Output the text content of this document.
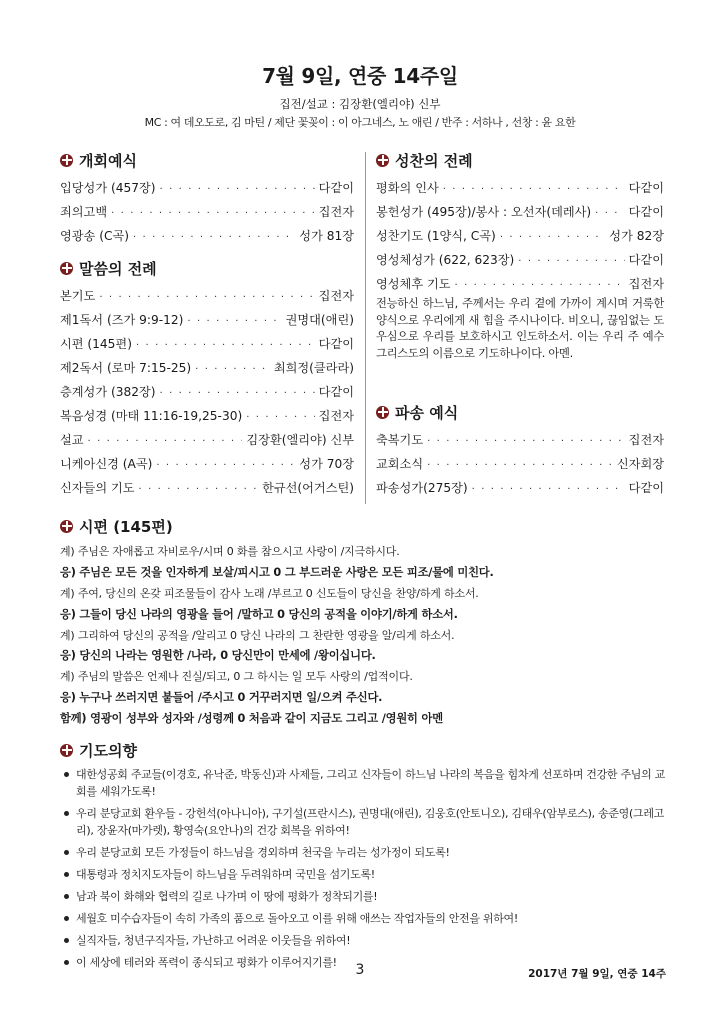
7월 9일, 연중 14주일
집전/설교 : 김장환(엘리야) 신부
MC : 여 데오도로, 김 마틴 / 제단 꽃꽂이 : 이 아그네스, 노 애린 / 반주 : 서하나 , 선창 : 윤 요한
개회예식
입당성가 (457장) · · ·	다같이
죄의고백 · · ·	집전자
영광송 (C곡) · · ·	성가 81장
말씀의 전례
본기도 · · ·	집전자
제1독서 (즈가 9:9-12) · · ·	권명대(애린)
시편 (145편) · · ·	다같이
제2독서 (로마 7:15-25) · · ·	최희정(클라라)
층계성가 (382장) · · ·	다같이
복음성경 (마태 11:16-19,25-30) · · ·	집전자
설교 · · ·	김장환(엘리야) 신부
니케아신경 (A곡) · · ·	성가 70장
신자들의 기도 · · ·	한규선(어거스틴)
성찬의 전례
평화의 인사 · · ·	다같이
봉헌성가 (495장)/봉사 : 오선자(데레사) · · ·	다같이
성찬기도 (1양식, C곡) · · ·	성가 82장
영성체성가 (622, 623장) · · ·	다같이
영성체후 기도 · · ·	집전자
전능하신 하느님, 주께서는 우리 곁에 가까이 계시며 거룩한 양식으로 우리에게 새 힘을 주시나이다. 비오니, 끊임없는 도우심으로 우리를 보호하시고 인도하소서. 이는 우리 주 예수 그리스도의 이름으로 기도하나이다. 아멘.
파송 예식
축복기도 · · ·	집전자
교회소식 · · ·	신자회장
파송성가(275장) · · ·	다같이
시편 (145편)
계) 주님은 자애롭고 자비로우/시며 0 화를 참으시고 사랑이 /지극하시다.
응) 주님은 모든 것을 인자하게 보살/피시고 0 그 부드러운 사랑은 모든 피조/물에 미친다.
계) 주여, 당신의 온갖 피조물들이 감사 노래 /부르고 0 신도들이 당신을 찬양/하게 하소서.
응) 그들이 당신 나라의 영광을 들어 /말하고 0 당신의 공적을 이야기/하게 하소서.
계) 그리하여 당신의 공적을 /알리고 0 당신 나라의 그 찬란한 영광을 알/리게 하소서.
응) 당신의 나라는 영원한 /나라, 0 당신만이 만세에 /왕이십니다.
계) 주님의 말씀은 언제나 진실/되고, 0 그 하시는 일 모두 사랑의 /업적이다.
응) 누구나 쓰러지면 붙들어 /주시고 0 거꾸러지면 일/으켜 주신다.
함께) 영광이 성부와 성자와 /성령께 0 처음과 같이 지금도 그리고 /영원히 아멘
기도의향
대한성공회 주교들(이경호, 유낙준, 박동신)과 사제들, 그리고 신자들이 하느님 나라의 복음을 힘차게 선포하며 건강한 주님의 교회를 세워가도록!
우리 분당교회 환우들 - 강헌석(아나니아), 구기설(프란시스), 권명대(애린), 김웅호(안토니오), 김태우(암부로스), 송준영(그레고리), 장윤자(마가렛), 황영숙(요안나)의 건강 회복을 위하여!
우리 분당교회 모든 가정들이 하느님을 경외하며 천국을 누리는 성가정이 되도록!
대통령과 정치지도자들이 하느님을 두려워하며 국민을 섬기도록!
남과 북이 화해와 협력의 길로 나가며 이 땅에 평화가 정착되기를!
세월호 미수습자들이 속히 가족의 품으로 돌아오고 이를 위해 애쓰는 작업자들의 안전을 위하여!
실직자들, 청년구직자들, 가난하고 어려운 이웃들을 위하여!
이 세상에 테러와 폭력이 종식되고 평화가 이루어지기를!	3	2017년 7월 9일, 연중 14주
